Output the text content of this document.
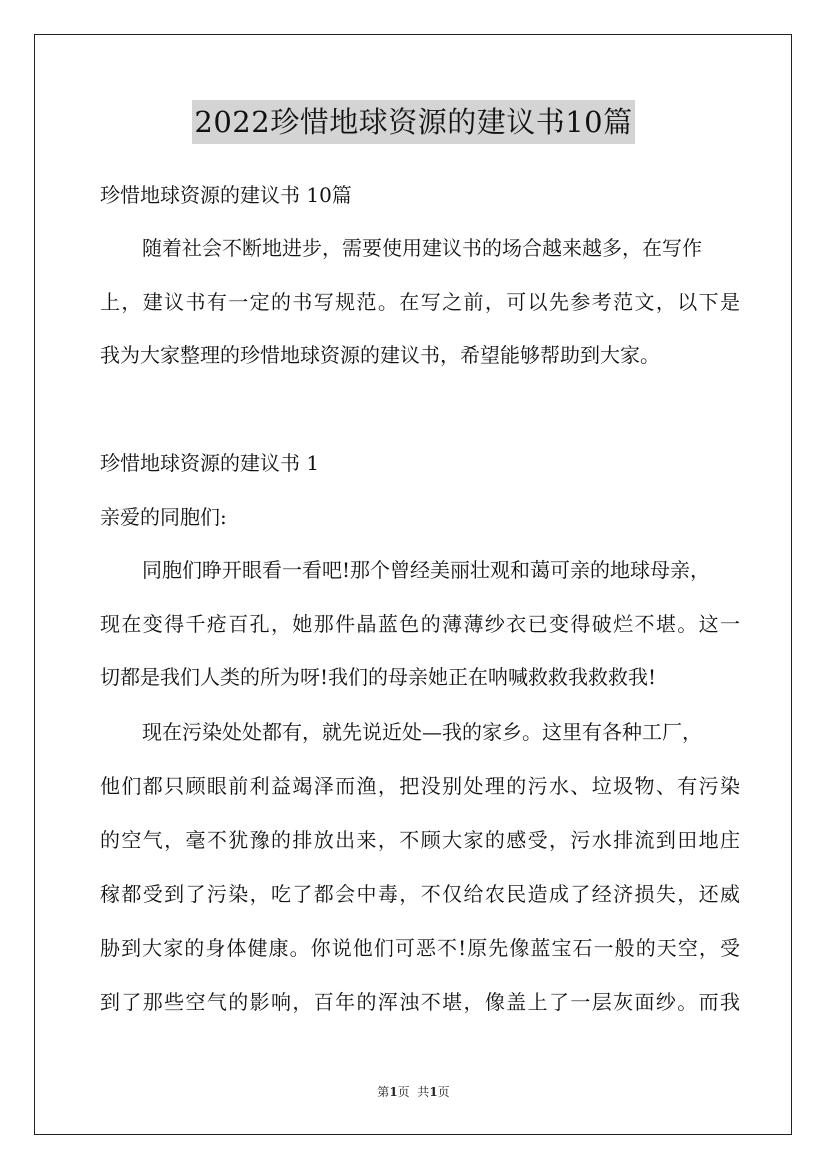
2022珍惜地球资源的建议书10篇
珍惜地球资源的建议书 10篇
随着社会不断地进步，需要使用建议书的场合越来越多，在写作
上，建议书有一定的书写规范。在写之前，可以先参考范文，以下是
我为大家整理的珍惜地球资源的建议书，希望能够帮助到大家。
珍惜地球资源的建议书 1
亲爱的同胞们:
同胞们睁开眼看一看吧!那个曾经美丽壮观和蔼可亲的地球母亲，
现在变得千疮百孔，她那件晶蓝色的薄薄纱衣已变得破烂不堪。这一
切都是我们人类的所为呀!我们的母亲她正在呐喊救救我救救我!
现在污染处处都有，就先说近处—我的家乡。这里有各种工厂，
他们都只顾眼前利益竭泽而渔，把没别处理的污水、垃圾物、有污染
的空气，毫不犹豫的排放出来，不顾大家的感受，污水排流到田地庄
稼都受到了污染，吃了都会中毒，不仅给农民造成了经济损失，还威
胁到大家的身体健康。你说他们可恶不!原先像蓝宝石一般的天空，受
到了那些空气的影响，百年的浑浊不堪，像盖上了一层灰面纱。而我
第1页  共1页
